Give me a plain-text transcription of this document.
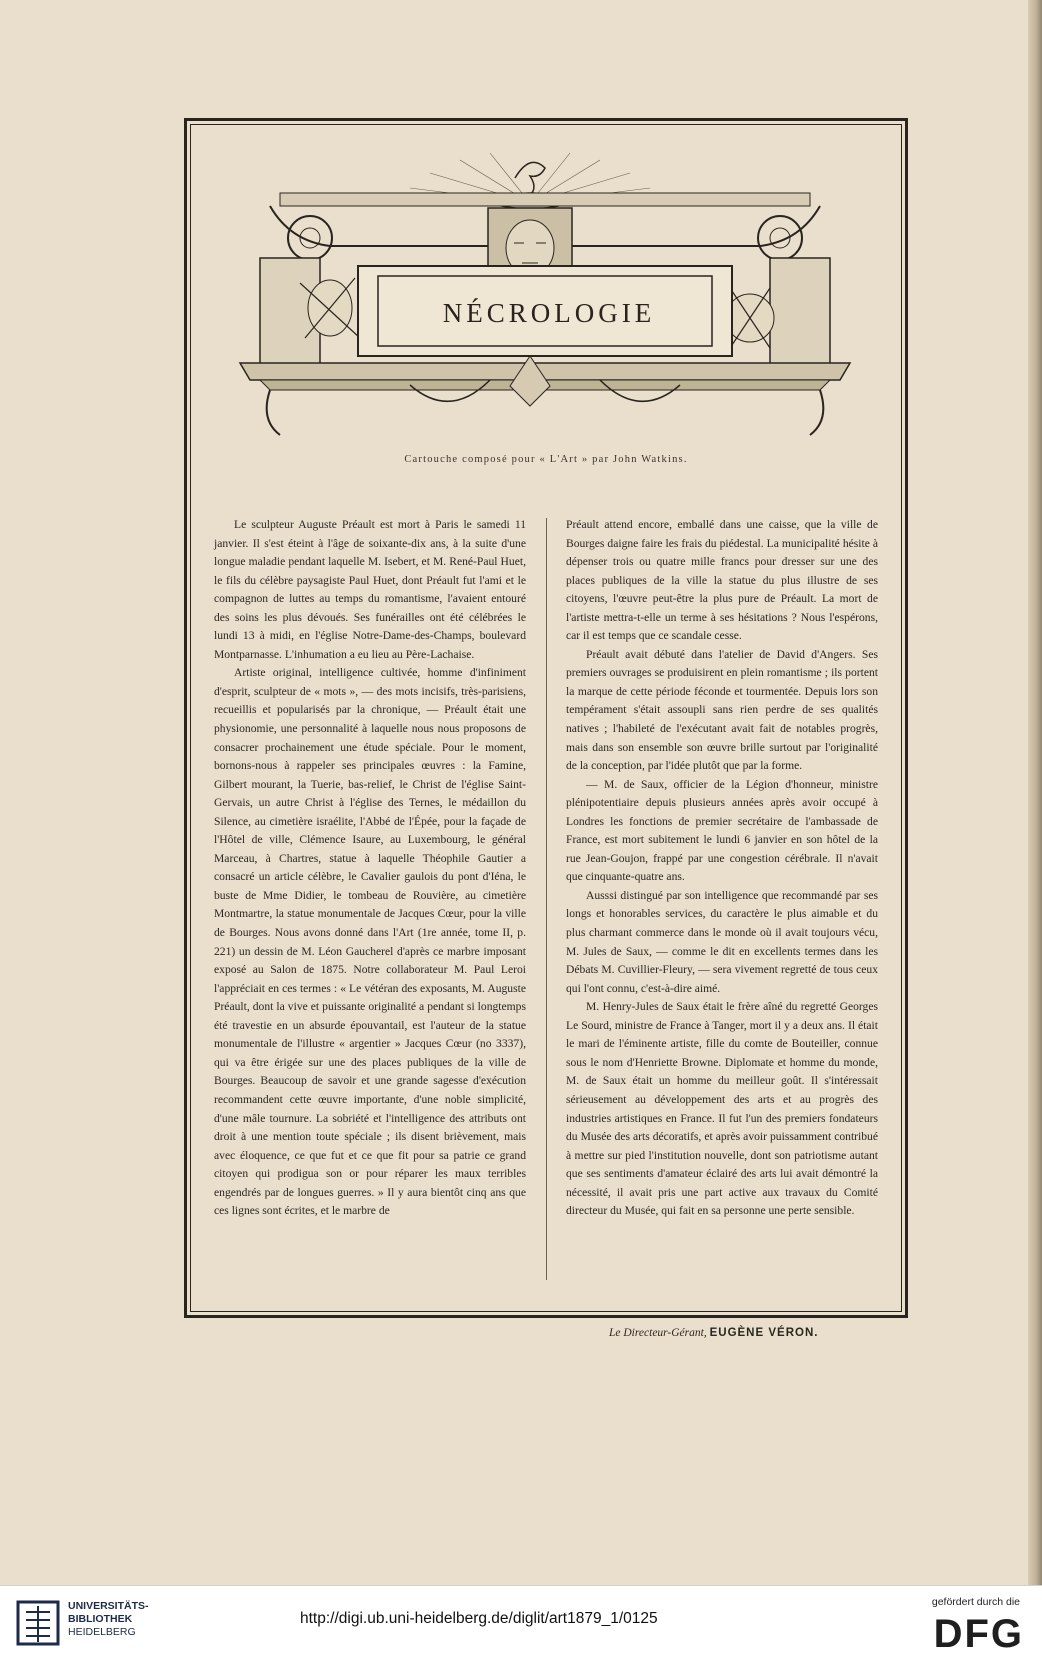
NÉCROLOGIE
Cartouche composé pour « L'Art » par John Watkins.

Le sculpteur Auguste Préault est mort à Paris le samedi 11 janvier. Il s'est éteint à l'âge de soixante-dix ans, à la suite d'une longue maladie pendant laquelle M. Isebert, et M. René-Paul Huet, le fils du célèbre paysagiste Paul Huet, dont Préault fut l'ami et le compagnon de luttes au temps du romantisme, l'avaient entouré des soins les plus dévoués. Ses funérailles ont été célébrées le lundi 13 à midi, en l'église Notre-Dame-des-Champs, boulevard Montparnasse. L'inhumation a eu lieu au Père-Lachaise.

Artiste original, intelligence cultivée, homme d'infiniment d'esprit, sculpteur de « mots », — des mots incisifs, très-parisiens, recueillis et popularisés par la chronique, — Préault était une physionomie, une personnalité à laquelle nous nous proposons de consacrer prochainement une étude spéciale. Pour le moment, bornons-nous à rappeler ses principales œuvres : la Famine, Gilbert mourant, la Tuerie, bas-relief, le Christ de l'église Saint-Gervais, un autre Christ à l'église des Ternes, le médaillon du Silence, au cimetière israélite, l'Abbé de l'Épée, pour la façade de l'Hôtel de ville, Clémence Isaure, au Luxembourg, le général Marceau, à Chartres, statue à laquelle Théophile Gautier a consacré un article célèbre, le Cavalier gaulois du pont d'Iéna, le buste de Mme Didier, le tombeau de Rouvière, au cimetière Montmartre, la statue monumentale de Jacques Cœur, pour la ville de Bourges. Nous avons donné dans l'Art (1re année, tome II, p. 221) un dessin de M. Léon Gaucherel d'après ce marbre imposant exposé au Salon de 1875. Notre collaborateur M. Paul Leroi l'appréciait en ces termes : « Le vétéran des exposants, M. Auguste Préault, dont la vive et puissante originalité a pendant si longtemps été travestie en un absurde épouvantail, est l'auteur de la statue monumentale de l'illustre « argentier » Jacques Cœur (no 3337), qui va être érigée sur une des places publiques de la ville de Bourges. Beaucoup de savoir et une grande sagesse d'exécution recommandent cette œuvre importante, d'une noble simplicité, d'une mâle tournure. La sobriété et l'intelligence des attributs ont droit à une mention toute spéciale ; ils disent brièvement, mais avec éloquence, ce que fut et ce que fit pour sa patrie ce grand citoyen qui prodigua son or pour réparer les maux terribles engendrés par de longues guerres. » Il y aura bientôt cinq ans que ces lignes sont écrites, et le marbre de

Préault attend encore, emballé dans une caisse, que la ville de Bourges daigne faire les frais du piédestal. La municipalité hésite à dépenser trois ou quatre mille francs pour dresser sur une des places publiques de la ville la statue du plus illustre de ses citoyens, l'œuvre peut-être la plus pure de Préault. La mort de l'artiste mettra-t-elle un terme à ses hésitations ? Nous l'espérons, car il est temps que ce scandale cesse.

Préault avait débuté dans l'atelier de David d'Angers. Ses premiers ouvrages se produisirent en plein romantisme ; ils portent la marque de cette période féconde et tourmentée. Depuis lors son tempérament s'était assoupli sans rien perdre de ses qualités natives ; l'habileté de l'exécutant avait fait de notables progrès, mais dans son ensemble son œuvre brille surtout par l'originalité de la conception, par l'idée plutôt que par la forme.

— M. de Saux, officier de la Légion d'honneur, ministre plénipotentiaire depuis plusieurs années après avoir occupé à Londres les fonctions de premier secrétaire de l'ambassade de France, est mort subitement le lundi 6 janvier en son hôtel de la rue Jean-Goujon, frappé par une congestion cérébrale. Il n'avait que cinquante-quatre ans.

Ausssi distingué par son intelligence que recommandé par ses longs et honorables services, du caractère le plus aimable et du plus charmant commerce dans le monde où il avait toujours vécu, M. Jules de Saux, — comme le dit en excellents termes dans les Débats M. Cuvillier-Fleury, — sera vivement regretté de tous ceux qui l'ont connu, c'est-à-dire aimé.

M. Henry-Jules de Saux était le frère aîné du regretté Georges Le Sourd, ministre de France à Tanger, mort il y a deux ans. Il était le mari de l'éminente artiste, fille du comte de Bouteiller, connue sous le nom d'Henriette Browne. Diplomate et homme du monde, M. de Saux était un homme du meilleur goût. Il s'intéressait sérieusement au développement des arts et au progrès des industries artistiques en France. Il fut l'un des premiers fondateurs du Musée des arts décoratifs, et après avoir puissamment contribué à mettre sur pied l'institution nouvelle, dont son patriotisme autant que ses sentiments d'amateur éclairé des arts lui avait démontré la nécessité, il avait pris une part active aux travaux du Comité directeur du Musée, qui fait en sa personne une perte sensible.

Le Directeur-Gérant, EUGÈNE VÉRON.
UNIVERSITÄTS-
BIBLIOTHEK
HEIDELBERG
http://digi.ub.uni-heidelberg.de/diglit/art1879_1/0125
gefördert durch die
DFG
